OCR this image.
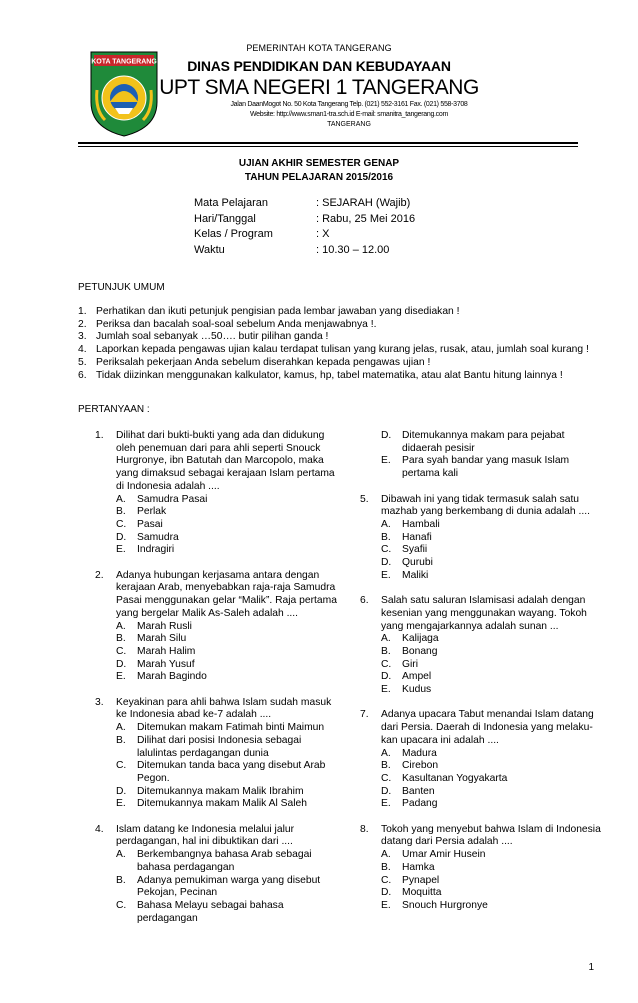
KOTA TANGERANG
PEMERINTAH KOTA TANGERANG
DINAS PENDIDIKAN DAN KEBUDAYAAN
UPT SMA NEGERI 1 TANGERANG
Jalan DaanMogot No. 50 Kota Tangerang Telp. (021) 552-3161 Fax. (021) 558-3708
Website: http://www.sman1-tra.sch.id E-mail: smanitra_tangerang.com
TANGERANG
UJIAN AKHIR SEMESTER GENAP
TAHUN PELAJARAN 2015/2016
Mata Pelajaran	: SEJARAH (Wajib)
Hari/Tanggal	: Rabu, 25 Mei 2016
Kelas / Program	: X
Waktu	: 10.30 – 12.00
PETUNJUK UMUM
1. Perhatikan dan ikuti petunjuk pengisian pada lembar jawaban yang disediakan !
2. Periksa dan bacalah soal-soal sebelum Anda menjawabnya !.
3. Jumlah soal sebanyak …50…. butir pilihan ganda !
4. Laporkan kepada pengawas ujian kalau terdapat tulisan yang kurang jelas, rusak, atau, jumlah soal kurang !
5. Periksalah pekerjaan Anda sebelum diserahkan kepada pengawas ujian !
6. Tidak diizinkan menggunakan kalkulator, kamus, hp, tabel matematika, atau alat Bantu hitung lainnya !
PERTANYAAN :
1. Dilihat dari bukti-bukti yang ada dan didukung oleh penemuan dari para ahli seperti Snouck Hurgronye, ibn Batutah dan Marcopolo, maka yang dimaksud sebagai kerajaan Islam pertama di Indonesia adalah ....
A. Samudra Pasai
B. Perlak
C. Pasai
D. Samudra
E. Indragiri
2. Adanya hubungan kerjasama antara dengan kerajaan Arab, menyebabkan raja-raja Samudra Pasai menggunakan gelar “Malik”. Raja pertama yang bergelar Malik As-Saleh adalah ....
A. Marah Rusli
B. Marah Silu
C. Marah Halim
D. Marah Yusuf
E. Marah Bagindo
3. Keyakinan para ahli bahwa Islam sudah masuk ke Indonesia abad ke-7 adalah ....
A. Ditemukan makam Fatimah binti Maimun
B. Dilihat dari posisi Indonesia sebagai lalulintas perdagangan dunia
C. Ditemukan tanda baca yang disebut Arab Pegon.
D. Ditemukannya makam Malik Ibrahim
E. Ditemukannya makam Malik Al Saleh
4. Islam datang ke Indonesia melalui jalur perdagangan, hal ini dibuktikan dari ....
A. Berkembangnya bahasa Arab sebagai bahasa perdagangan
B. Adanya pemukiman warga yang disebut Pekojan, Pecinan
C. Bahasa Melayu sebagai bahasa perdagangan
D. Ditemukannya makam para pejabat didaerah pesisir
E. Para syah bandar yang masuk Islam pertama kali
5. Dibawah ini yang tidak termasuk salah satu mazhab yang berkembang di dunia adalah ....
A. Hambali
B. Hanafi
C. Syafii
D. Qurubi
E. Maliki
6. Salah satu saluran Islamisasi adalah dengan kesenian yang menggunakan wayang. Tokoh yang mengajarkannya adalah sunan ...
A. Kalijaga
B. Bonang
C. Giri
D. Ampel
E. Kudus
7. Adanya upacara Tabut menandai Islam datang dari Persia. Daerah di Indonesia yang melaku-kan upacara ini adalah ....
A. Madura
B. Cirebon
C. Kasultanan Yogyakarta
D. Banten
E. Padang
8. Tokoh yang menyebut bahwa Islam di Indonesia datang dari Persia adalah ....
A. Umar Amir Husein
B. Hamka
C. Pynapel
D. Moquitta
E. Snouch Hurgronye
1
